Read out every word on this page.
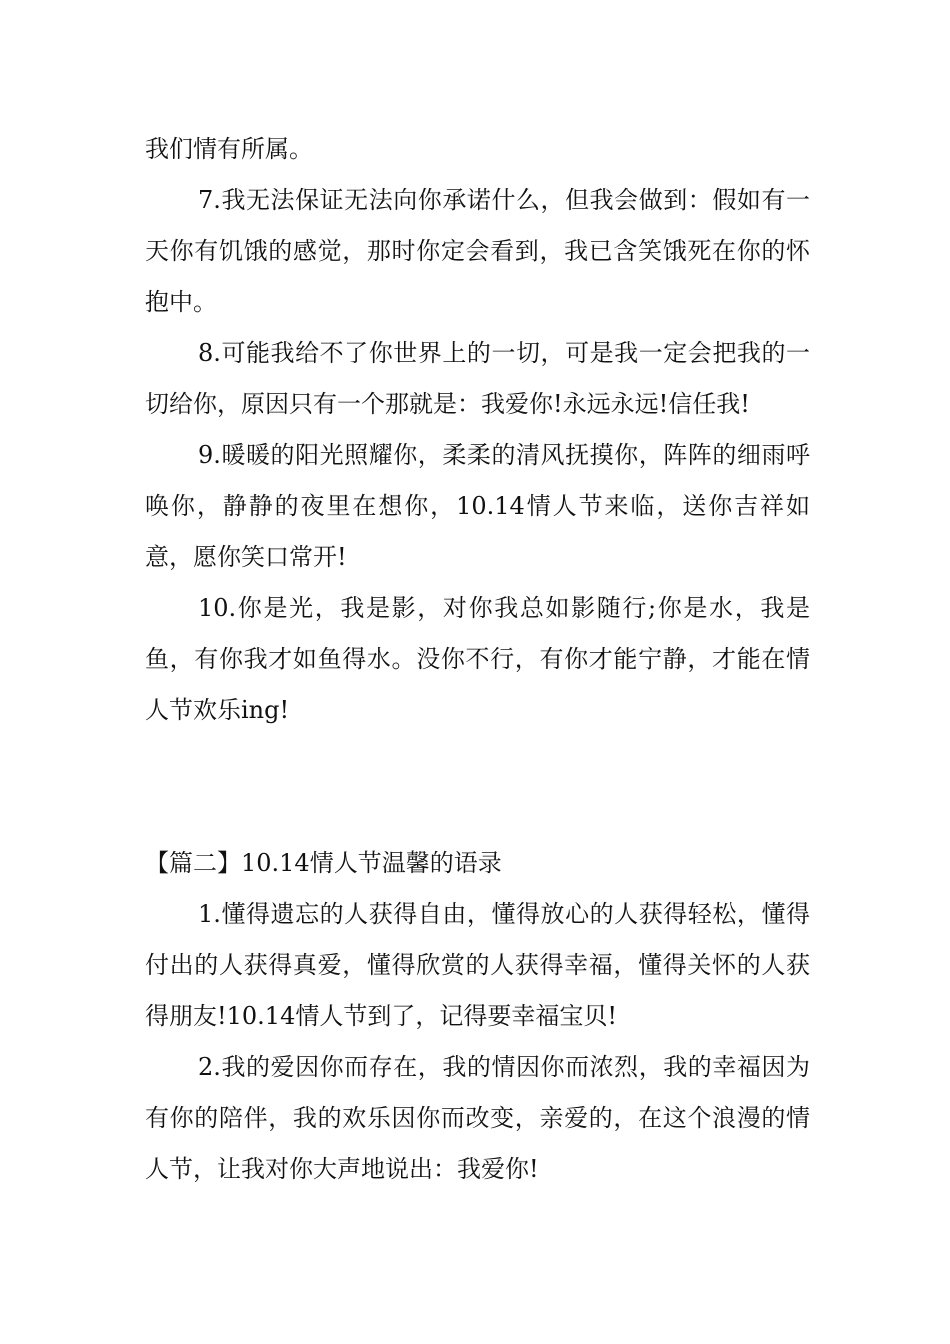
我们情有所属。

7.我无法保证无法向你承诺什么，但我会做到：假如有一天你有饥饿的感觉，那时你定会看到，我已含笑饿死在你的怀抱中。

8.可能我给不了你世界上的一切，可是我一定会把我的一切给你，原因只有一个那就是：我爱你!永远永远!信任我!

9.暖暖的阳光照耀你，柔柔的清风抚摸你，阵阵的细雨呼唤你，静静的夜里在想你，10.14情人节来临，送你吉祥如意，愿你笑口常开!

10.你是光，我是影，对你我总如影随行;你是水，我是鱼，有你我才如鱼得水。没你不行，有你才能宁静，才能在情人节欢乐ing!

【篇二】10.14情人节温馨的语录

1.懂得遗忘的人获得自由，懂得放心的人获得轻松，懂得付出的人获得真爱，懂得欣赏的人获得幸福，懂得关怀的人获得朋友!10.14情人节到了，记得要幸福宝贝!

2.我的爱因你而存在，我的情因你而浓烈，我的幸福因为有你的陪伴，我的欢乐因你而改变，亲爱的，在这个浪漫的情人节，让我对你大声地说出：我爱你!
